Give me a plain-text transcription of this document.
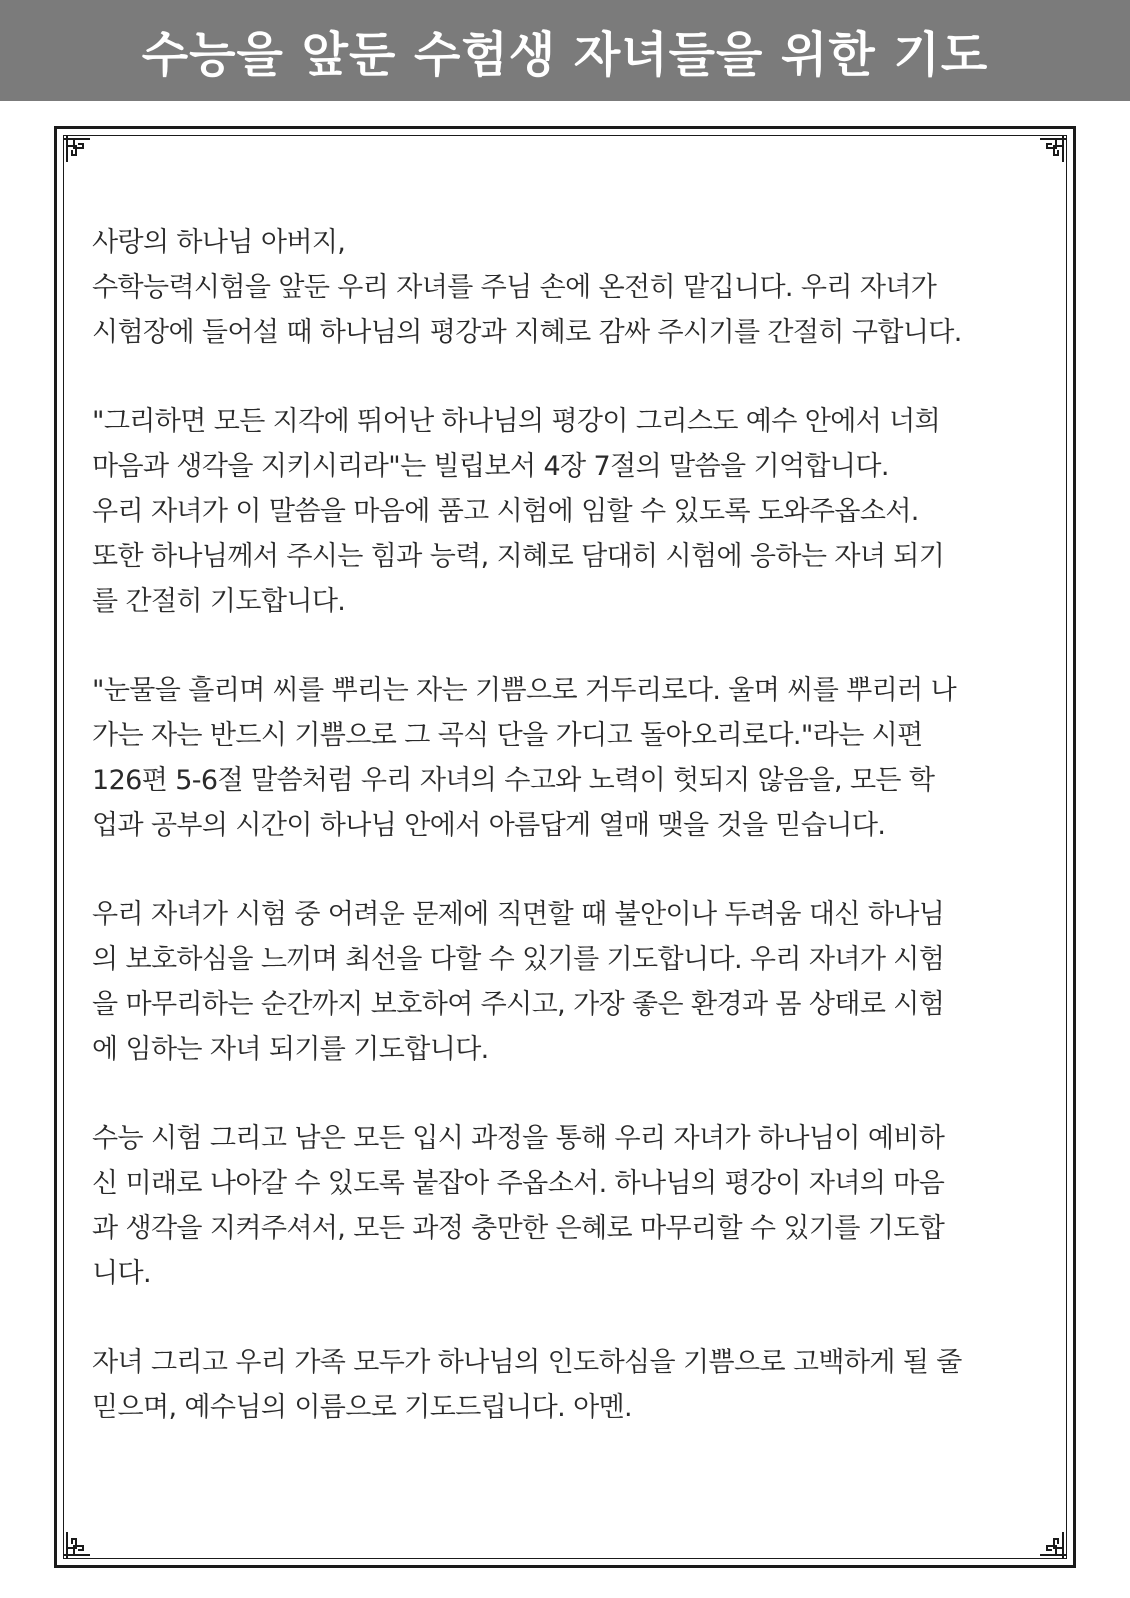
수능을 앞둔 수험생 자녀들을 위한 기도
사랑의 하나님 아버지,
수학능력시험을 앞둔 우리 자녀를 주님 손에 온전히 맡깁니다. 우리 자녀가
시험장에 들어설 때 하나님의 평강과 지혜로 감싸 주시기를 간절히 구합니다.
"그리하면 모든 지각에 뛰어난 하나님의 평강이 그리스도 예수 안에서 너희
마음과 생각을 지키시리라"는 빌립보서 4장 7절의 말씀을 기억합니다.
우리 자녀가 이 말씀을 마음에 품고 시험에 임할 수 있도록 도와주옵소서.
또한 하나님께서 주시는 힘과 능력, 지혜로 담대히 시험에 응하는 자녀 되기
를 간절히 기도합니다.
"눈물을 흘리며 씨를 뿌리는 자는 기쁨으로 거두리로다. 울며 씨를 뿌리러 나
가는 자는 반드시 기쁨으로 그 곡식 단을 가디고 돌아오리로다."라는 시편
126편 5-6절 말씀처럼 우리 자녀의 수고와 노력이 헛되지 않음을, 모든 학
업과 공부의 시간이 하나님 안에서 아름답게 열매 맺을 것을 믿습니다.
우리 자녀가 시험 중 어려운 문제에 직면할 때 불안이나 두려움 대신 하나님
의 보호하심을 느끼며 최선을 다할 수 있기를 기도합니다. 우리 자녀가 시험
을 마무리하는 순간까지 보호하여 주시고, 가장 좋은 환경과 몸 상태로 시험
에 임하는 자녀 되기를 기도합니다.
수능 시험 그리고 남은 모든 입시 과정을 통해 우리 자녀가 하나님이 예비하
신 미래로 나아갈 수 있도록 붙잡아 주옵소서. 하나님의 평강이 자녀의 마음
과 생각을 지켜주셔서, 모든 과정 충만한 은혜로 마무리할 수 있기를 기도합
니다.
자녀 그리고 우리 가족 모두가 하나님의 인도하심을 기쁨으로 고백하게 될 줄
믿으며, 예수님의 이름으로 기도드립니다. 아멘.
